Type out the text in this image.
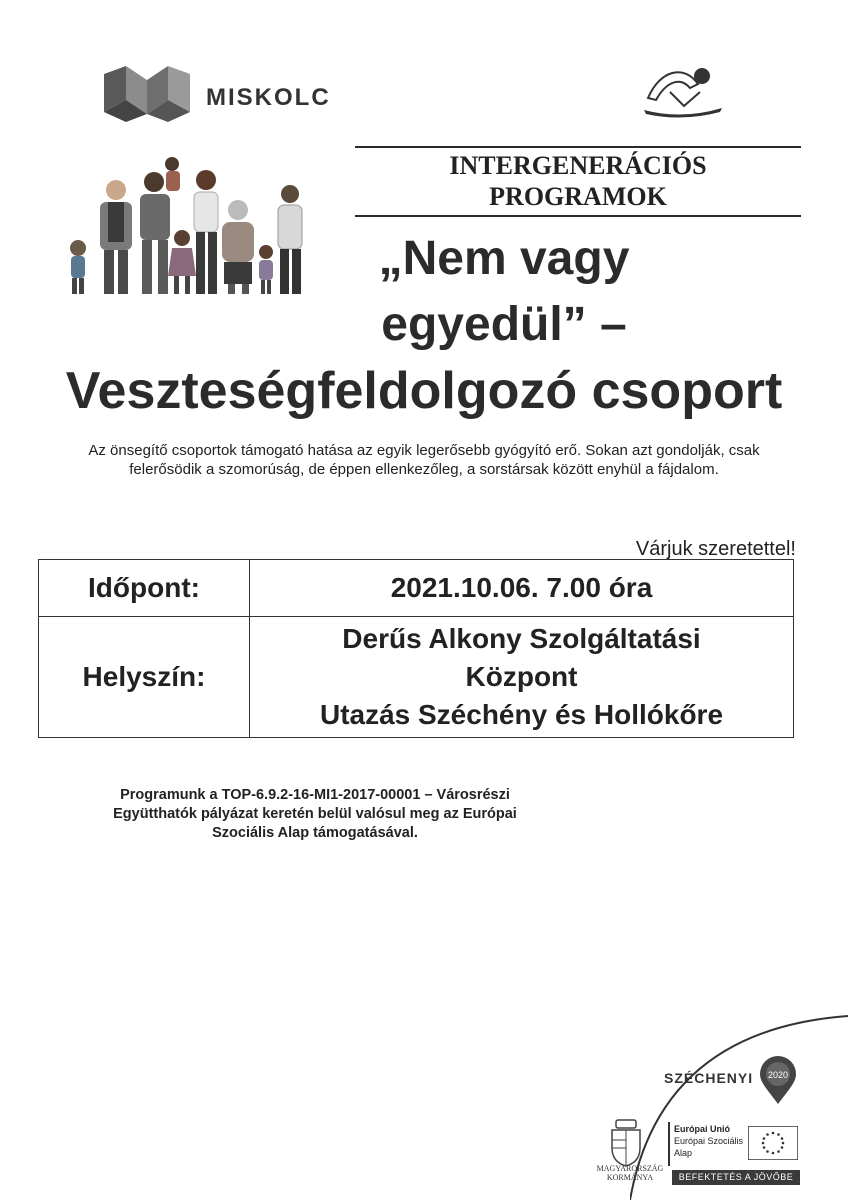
MISKOLC
INTERGENERÁCIÓS
PROGRAMOK
„Nem vagy
egyedül” –
Veszteségfeldolgozó csoport
Az önsegítő csoportok támogató hatása az egyik legerősebb gyógyító erő. Sokan azt gondolják, csak
felerősödik a szomorúság, de éppen ellenkezőleg, a sorstársak között enyhül a fájdalom.
Várjuk szeretettel!
Időpont:	2021.10.06. 7.00 óra
Helyszín:	Derűs Alkony Szolgáltatási
Központ
Utazás Széchény és Hollókőre
Programunk a TOP-6.9.2-16-MI1-2017-00001 – Városrészi
Együtthatók pályázat keretén belül valósul meg az Európai
Szociális Alap támogatásával.
SZÉCHENYI 2020
MAGYARORSZÁG
KORMÁNYA
Európai Unió
Európai Szociális
Alap
BEFEKTETÉS A JÖVŐBE
